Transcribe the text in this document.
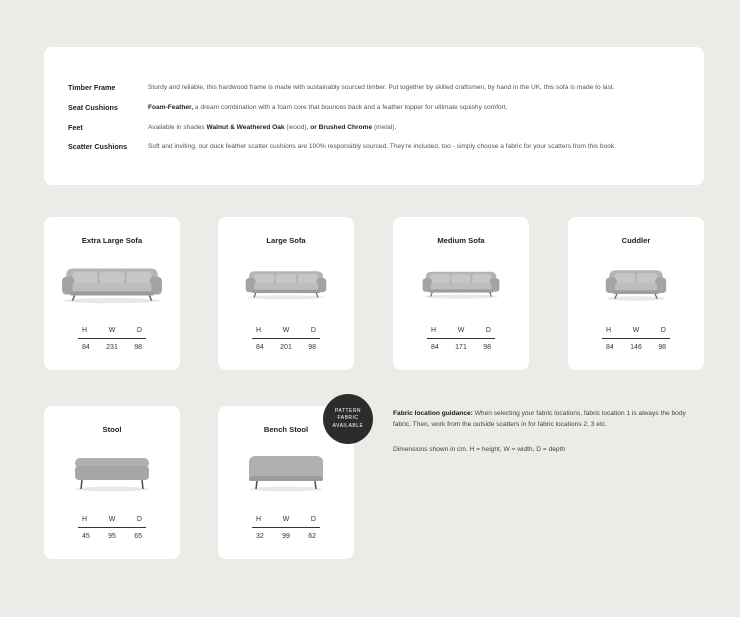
Timber Frame	Sturdy and reliable, this hardwood frame is made with sustainably sourced timber. Put together by skilled craftsmen, by hand in the UK, this sofa is made to last.
Seat Cushions	Foam-Feather, a dream combination with a foam core that bounces back and a feather topper for ultimate squishy comfort.
Feet	Available in shades Walnut & Weathered Oak (wood), or Brushed Chrome (metal).
Scatter Cushions	Soft and inviting, our duck feather scatter cushions are 100% responsibly sourced. They're included, too - simply choose a fabric for your scatters from this book.
Extra Large Sofa
H	W	D
84 231 98
Large Sofa
H	W	D
84 201 98
Medium Sofa
H	W	D
84 171 98
Cuddler
H	W	D
84 146 98
Stool
H	W	D
45	95	65
Bench Stool
H	W	D
32	99	62
PATTERN
FABRIC
AVAILABLE
Fabric location guidance: When selecting your fabric locations, fabric location 1 is always the body fabric. Then, work from the outside scatters in for fabric locations 2, 3 etc.
Dimensions shown in cm. H = height, W = width, D = depth
